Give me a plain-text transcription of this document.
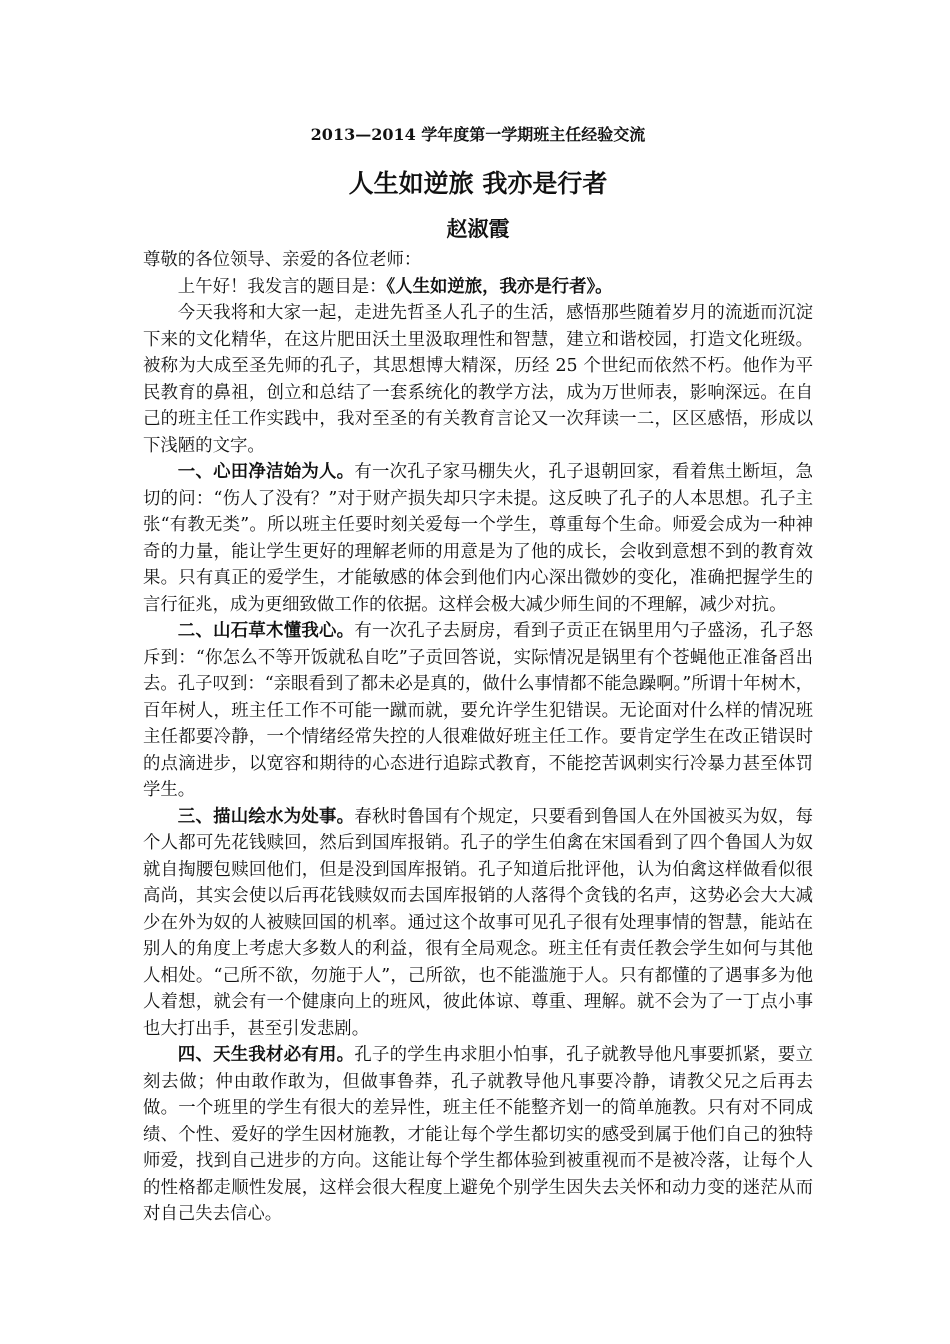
2013—2014 学年度第一学期班主任经验交流

人生如逆旅 我亦是行者
赵淑霞

尊敬的各位领导、亲爱的各位老师：

上午好！我发言的题目是：《人生如逆旅，我亦是行者》。

今天我将和大家一起，走进先哲圣人孔子的生活，感悟那些随着岁月的流逝而沉淀下来的文化精华，在这片肥田沃土里汲取理性和智慧，建立和谐校园，打造文化班级。被称为大成至圣先师的孔子，其思想博大精深，历经 25 个世纪而依然不朽。他作为平民教育的鼻祖，创立和总结了一套系统化的教学方法，成为万世师表，影响深远。在自己的班主任工作实践中，我对至圣的有关教育言论又一次拜读一二，区区感悟，形成以下浅陋的文字。

一、心田净洁始为人。有一次孔子家马棚失火，孔子退朝回家，看着焦土断垣，急切的问：“伤人了没有？”对于财产损失却只字未提。这反映了孔子的人本思想。孔子主张“有教无类”。所以班主任要时刻关爱每一个学生，尊重每个生命。师爱会成为一种神奇的力量，能让学生更好的理解老师的用意是为了他的成长，会收到意想不到的教育效果。只有真正的爱学生，才能敏感的体会到他们内心深出微妙的变化，准确把握学生的言行征兆，成为更细致做工作的依据。这样会极大减少师生间的不理解，减少对抗。

二、山石草木懂我心。有一次孔子去厨房，看到子贡正在锅里用勺子盛汤，孔子怒斥到：“你怎么不等开饭就私自吃”子贡回答说，实际情况是锅里有个苍蝇他正准备舀出去。孔子叹到：“亲眼看到了都未必是真的，做什么事情都不能急躁啊。”所谓十年树木，百年树人，班主任工作不可能一蹴而就，要允许学生犯错误。无论面对什么样的情况班主任都要冷静，一个情绪经常失控的人很难做好班主任工作。要肯定学生在改正错误时的点滴进步，以宽容和期待的心态进行追踪式教育，不能挖苦讽刺实行冷暴力甚至体罚学生。

三、描山绘水为处事。春秋时鲁国有个规定，只要看到鲁国人在外国被买为奴，每个人都可先花钱赎回，然后到国库报销。孔子的学生伯禽在宋国看到了四个鲁国人为奴就自掏腰包赎回他们，但是没到国库报销。孔子知道后批评他，认为伯禽这样做看似很高尚，其实会使以后再花钱赎奴而去国库报销的人落得个贪钱的名声，这势必会大大减少在外为奴的人被赎回国的机率。通过这个故事可见孔子很有处理事情的智慧，能站在别人的角度上考虑大多数人的利益，很有全局观念。班主任有责任教会学生如何与其他人相处。“己所不欲，勿施于人”，己所欲，也不能滥施于人。只有都懂的了遇事多为他人着想，就会有一个健康向上的班风，彼此体谅、尊重、理解。就不会为了一丁点小事也大打出手，甚至引发悲剧。

四、天生我材必有用。孔子的学生冉求胆小怕事，孔子就教导他凡事要抓紧，要立刻去做；仲由敢作敢为，但做事鲁莽，孔子就教导他凡事要冷静，请教父兄之后再去做。一个班里的学生有很大的差异性，班主任不能整齐划一的简单施教。只有对不同成绩、个性、爱好的学生因材施教，才能让每个学生都切实的感受到属于他们自己的独特师爱，找到自己进步的方向。这能让每个学生都体验到被重视而不是被冷落，让每个人的性格都走顺性发展，这样会很大程度上避免个别学生因失去关怀和动力变的迷茫从而对自己失去信心。
